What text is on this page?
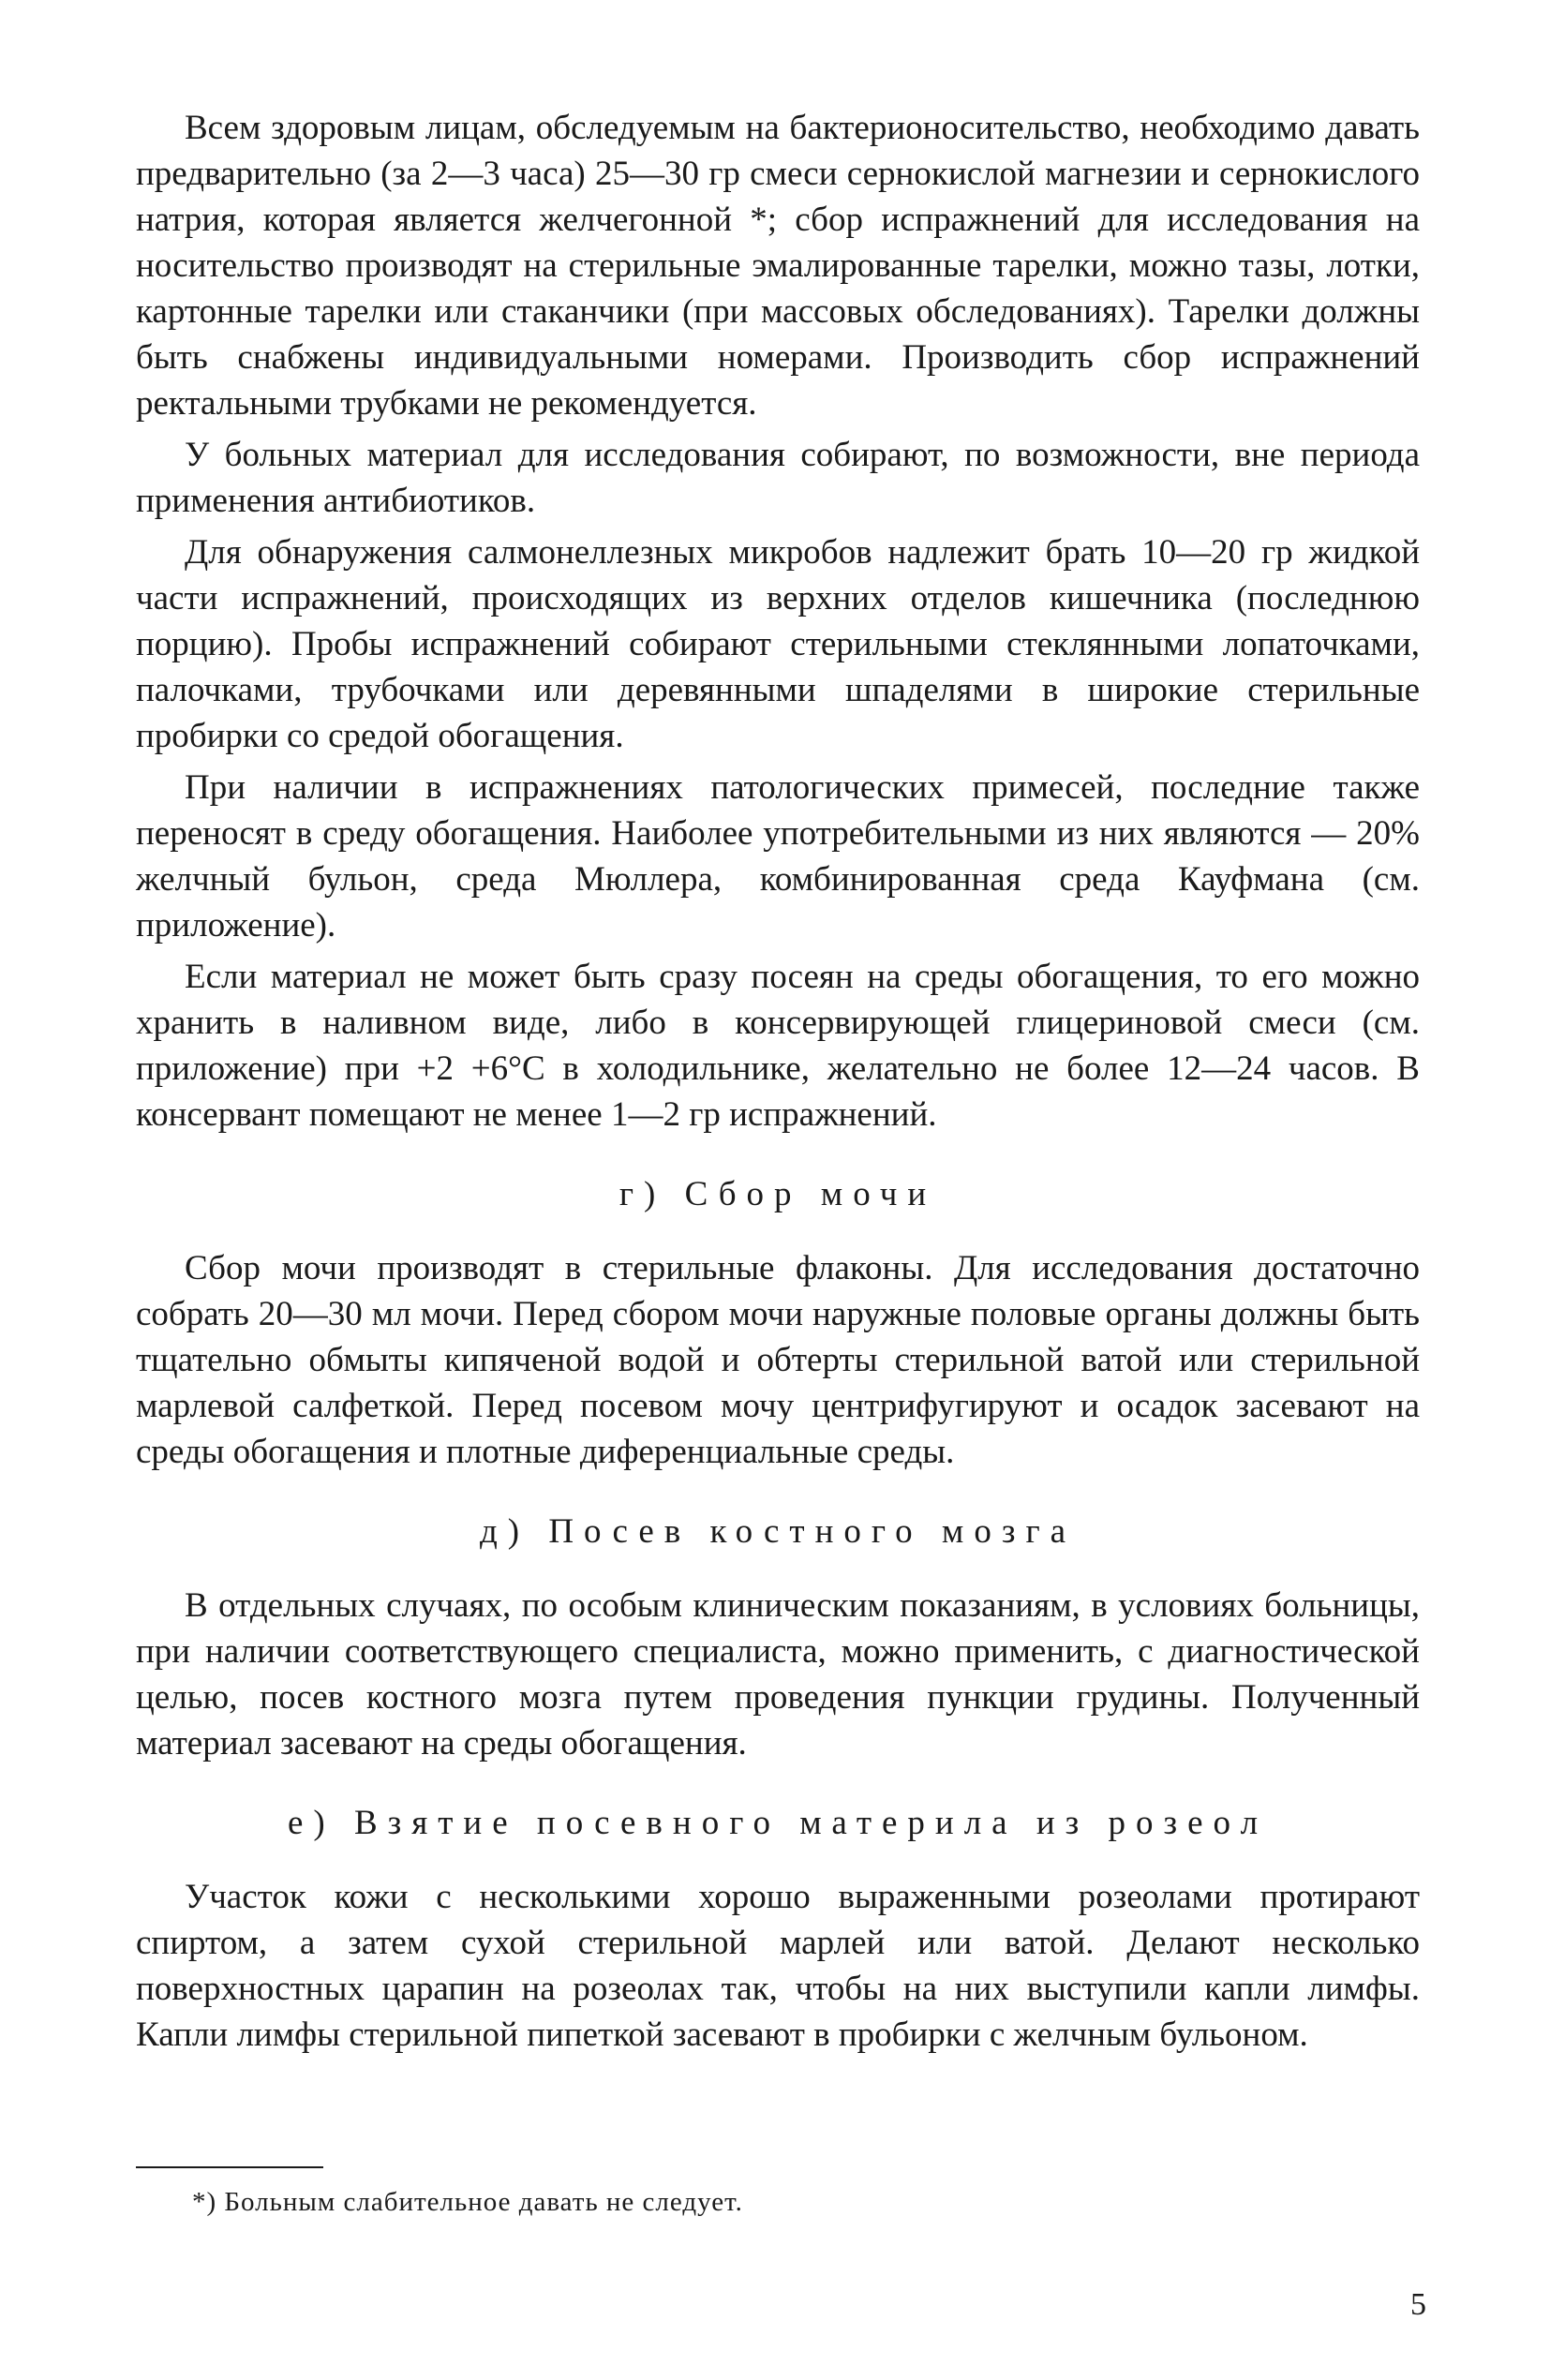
Всем здоровым лицам, обследуемым на бактерионосительство, необходимо давать предварительно (за 2—3 часа) 25—30 гр смеси сернокислой магнезии и сернокислого натрия, которая является желчегонной *; сбор испражнений для исследования на носительство производят на стерильные эмалированные тарелки, можно тазы, лотки, картонные тарелки или стаканчики (при массовых обследованиях). Тарелки должны быть снабжены индивидуальными номерами. Производить сбор испражнений ректальными трубками не рекомендуется.

У больных материал для исследования собирают, по возможности, вне периода применения антибиотиков.

Для обнаружения салмонеллезных микробов надлежит брать 10—20 гр жидкой части испражнений, происходящих из верхних отделов кишечника (последнюю порцию). Пробы испражнений собирают стерильными стеклянными лопаточками, палочками, трубочками или деревянными шпаделями в широкие стерильные пробирки со средой обогащения.

При наличии в испражнениях патологических примесей, последние также переносят в среду обогащения. Наиболее употребительными из них являются — 20% желчный бульон, среда Мюллера, комбинированная среда Кауфмана (см. приложение).

Если материал не может быть сразу посеян на среды обогащения, то его можно хранить в наливном виде, либо в консервирующей глицериновой смеси (см. приложение) при +2 +6°С в холодильнике, желательно не более 12—24 часов. В консервант помещают не менее 1—2 гр испражнений.

г) Сбор мочи

Сбор мочи производят в стерильные флаконы. Для исследования достаточно собрать 20—30 мл мочи. Перед сбором мочи наружные половые органы должны быть тщательно обмыты кипяченой водой и обтерты стерильной ватой или стерильной марлевой салфеткой. Перед посевом мочу центрифугируют и осадок засевают на среды обогащения и плотные диференциальные среды.

д) Посев костного мозга

В отдельных случаях, по особым клиническим показаниям, в условиях больницы, при наличии соответствующего специалиста, можно применить, с диагностической целью, посев костного мозга путем проведения пункции грудины. Полученный материал засевают на среды обогащения.

е) Взятие посевного материла из розеол

Участок кожи с несколькими хорошо выраженными розеолами протирают спиртом, а затем сухой стерильной марлей или ватой. Делают несколько поверхностных царапин на розеолах так, чтобы на них выступили капли лимфы. Капли лимфы стерильной пипеткой засевают в пробирки с желчным бульоном.

*) Больным слабительное давать не следует.
5
